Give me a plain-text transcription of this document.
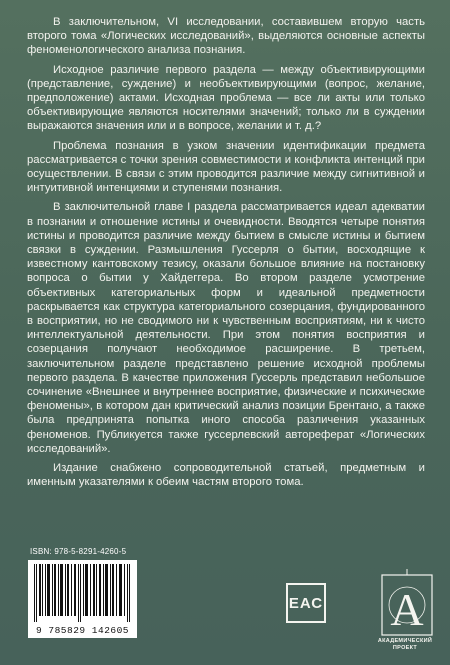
В заключительном, VI исследовании, составившем вторую часть второго тома «Логических исследований», выделяются основные аспекты феноменологического анализа познания.

Исходное различие первого раздела — между объективирующими (представление, суждение) и необъективирующими (вопрос, желание, предположение) актами. Исходная проблема — все ли акты или только объективирующие являются носителями значений; только ли в суждении выражаются значения или и в вопросе, желании и т. д.?

Проблема познания в узком значении идентификации предмета рассматривается с точки зрения совместимости и конфликта интенций при осуществлении. В связи с этим проводится различие между сигнитивной и интуитивной интенциями и ступенями познания.

В заключительной главе I раздела рассматривается идеал адекватии в познании и отношение истины и очевидности. Вводятся четыре понятия истины и проводится различие между бытием в смысле истины и бытием связки в суждении. Размышления Гуссерля о бытии, восходящие к известному кантовскому тезису, оказали большое влияние на постановку вопроса о бытии у Хайдеггера. Во втором разделе усмотрение объективных категориальных форм и идеальной предметности раскрывается как структура категориального созерцания, фундированного в восприятии, но не сводимого ни к чувственным восприятиям, ни к чисто интеллектуальной деятельности. При этом понятия восприятия и созерцания получают необходимое расширение. В третьем, заключительном разделе представлено решение исходной проблемы первого раздела. В качестве приложения Гуссерль представил небольшое сочинение «Внешнее и внутреннее восприятие, физические и психические феномены», в котором дан критический анализ позиции Брентано, а также была предпринята попытка иного способа различения указанных феноменов. Публикуется также гуссерлевский автореферат «Логических исследований».

Издание снабжено сопроводительной статьей, предметным и именным указателями к обеим частям второго тома.

ISBN: 978-5-8291-4260-5
9 785829 142605
ЕАС A
АКАДЕМИЧЕСКИЙ
ПРОЕКТ
